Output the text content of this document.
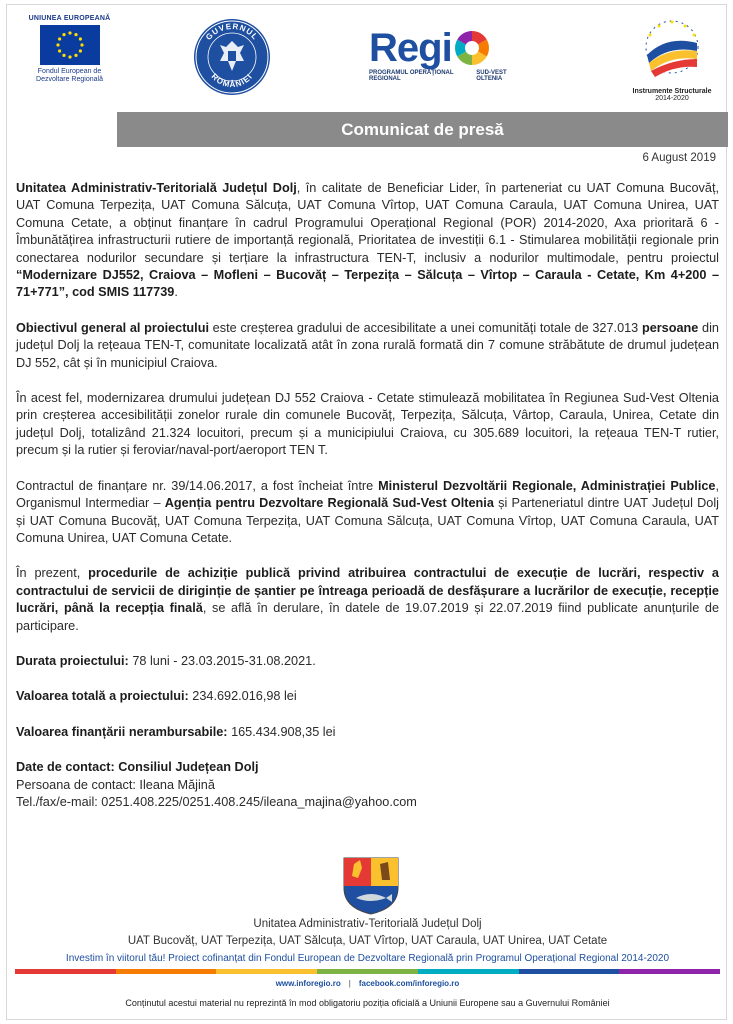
UNIUNEA EUROPEANĂ
Fondul European de
Dezvoltare Regională
GUVERNUL
ROMÂNIEI
Regi
PROGRAMUL OPERAŢIONAL REGIONAL
SUD-VEST OLTENIA
Instrumente Structurale
2014-2020
Comunicat de presă
6 August 2019

Unitatea Administrativ-Teritorială Județul Dolj, în calitate de Beneficiar Lider, în parteneriat cu UAT Comuna Bucovăț, UAT Comuna Terpezița, UAT Comuna Sălcuța, UAT Comuna Vîrtop, UAT Comuna Caraula, UAT Comuna Unirea, UAT Comuna Cetate, a obținut finanțare în cadrul Programului Operațional Regional (POR) 2014-2020, Axa prioritară 6 - Îmbunătățirea infrastructurii rutiere de importanță regională, Prioritatea de investiții 6.1 - Stimularea mobilității regionale prin conectarea nodurilor secundare și terțiare la infrastructura TEN-T, inclusiv a nodurilor multimodale, pentru proiectul “Modernizare DJ552, Craiova – Mofleni – Bucovăț – Terpezița – Sălcuța – Vîrtop – Caraula - Cetate, Km 4+200 – 71+771”, cod SMIS 117739.

Obiectivul general al proiectului este creșterea gradului de accesibilitate a unei comunități totale de 327.013 persoane din județul Dolj la rețeaua TEN-T, comunitate localizată atât în zona rurală formată din 7 comune străbătute de drumul județean DJ 552, cât și în municipiul Craiova.

În acest fel, modernizarea drumului județean DJ 552 Craiova - Cetate stimulează mobilitatea în Regiunea Sud-Vest Oltenia prin creșterea accesibilității zonelor rurale din comunele Bucovăț, Terpezița, Sălcuța, Vârtop, Caraula, Unirea, Cetate din județul Dolj, totalizând 21.324 locuitori, precum și a municipiului Craiova, cu 305.689 locuitori, la rețeaua TEN-T rutier, precum și la rutier și feroviar/naval-port/aeroport TEN T.

Contractul de finanțare nr. 39/14.06.2017, a fost încheiat între Ministerul Dezvoltării Regionale, Administrației Publice, Organismul Intermediar – Agenția pentru Dezvoltare Regională Sud-Vest Oltenia și Parteneriatul dintre UAT Județul Dolj și UAT Comuna Bucovăț, UAT Comuna Terpezița, UAT Comuna Sălcuța, UAT Comuna Vîrtop, UAT Comuna Caraula, UAT Comuna Unirea, UAT Comuna Cetate.

În prezent, procedurile de achiziție publică privind atribuirea contractului de execuție de lucrări, respectiv a contractului de servicii de diriginție de șantier pe întreaga perioadă de desfășurare a lucrărilor de execuție, recepție lucrări, până la recepția finală, se află în derulare, în datele de 19.07.2019 și 22.07.2019 fiind publicate anunțurile de participare.

Durata proiectului: 78 luni - 23.03.2015-31.08.2021.

Valoarea totală a proiectului: 234.692.016,98 lei

Valoarea finanțării nerambursabile: 165.434.908,35 lei

Date de contact: Consiliul Județean Dolj

Persoana de contact: Ileana Măjină

Tel./fax/e-mail: 0251.408.225/0251.408.245/ileana_majina@yahoo.com

Unitatea Administrativ-Teritorială Județul Dolj
UAT Bucovăț, UAT Terpezița, UAT Sălcuța, UAT Vîrtop, UAT Caraula, UAT Unirea, UAT Cetate
Investim în viitorul tău! Proiect cofinanțat din Fondul European de Dezvoltare Regională prin Programul Operațional Regional 2014-2020
www.inforegio.ro | facebook.com/inforegio.ro
Conținutul acestui material nu reprezintă în mod obligatoriu poziția oficială a Uniunii Europene sau a Guvernului României
